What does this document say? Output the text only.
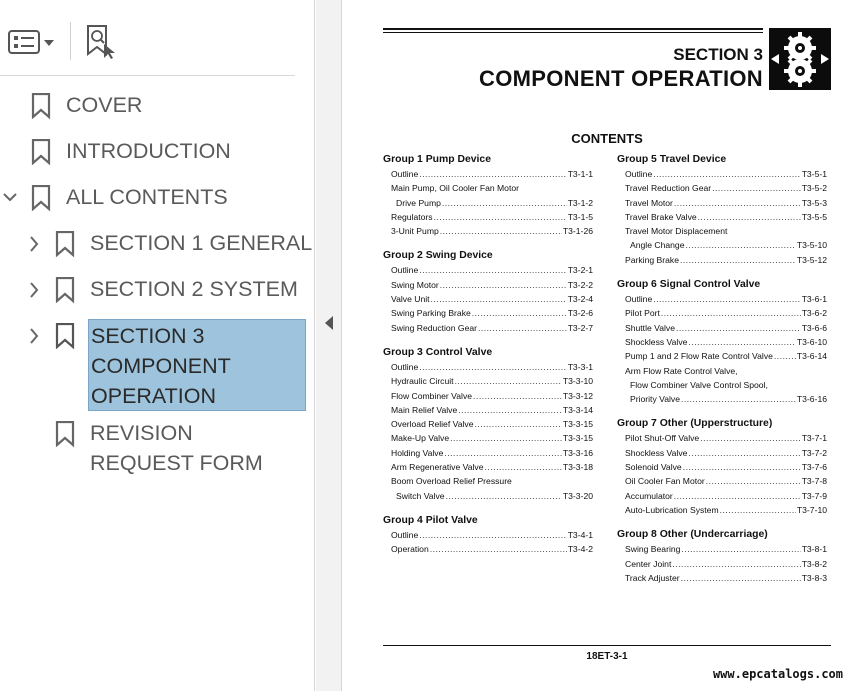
COVER
INTRODUCTION
ALL CONTENTS
SECTION 1 GENERAL
SECTION 2 SYSTEM
SECTION 3 COMPONENT OPERATION
REVISION REQUEST FORM
SECTION 3
COMPONENT OPERATION
CONTENTS
Group 1 Pump Device
Outline .....	T3-1-1
Main Pump, Oil Cooler Fan Motor
Drive Pump .....	T3-1-2
Regulators .....	T3-1-5
3-Unit Pump .....	T3-1-26
Group 2 Swing Device
Outline .....	T3-2-1
Swing Motor .....	T3-2-2
Valve Unit .....	T3-2-4
Swing Parking Brake .....	T3-2-6
Swing Reduction Gear .....	T3-2-7
Group 3 Control Valve
Outline .....	T3-3-1
Hydraulic Circuit .....	T3-3-10
Flow Combiner Valve .....	T3-3-12
Main Relief Valve .....	T3-3-14
Overload Relief Valve .....	T3-3-15
Make-Up Valve .....	T3-3-15
Holding Valve .....	T3-3-16
Arm Regenerative Valve .....	T3-3-18
Boom Overload Relief Pressure
Switch Valve .....	T3-3-20
Group 4 Pilot Valve
Outline .....	T3-4-1
Operation .....	T3-4-2
Group 5 Travel Device
Outline .....	T3-5-1
Travel Reduction Gear .....	T3-5-2
Travel Motor .....	T3-5-3
Travel Brake Valve .....	T3-5-5
Travel Motor Displacement
Angle Change .....	T3-5-10
Parking Brake .....	T3-5-12
Group 6 Signal Control Valve
Outline .....	T3-6-1
Pilot Port .....	T3-6-2
Shuttle Valve .....	T3-6-6
Shockless Valve .....	T3-6-10
Pump 1 and 2 Flow Rate Control Valve .....	T3-6-14
Arm Flow Rate Control Valve,
Flow Combiner Valve Control Spool,
Priority Valve .....	T3-6-16
Group 7 Other (Upperstructure)
Pilot Shut-Off Valve .....	T3-7-1
Shockless Valve .....	T3-7-2
Solenoid Valve .....	T3-7-6
Oil Cooler Fan Motor .....	T3-7-8
Accumulator .....	T3-7-9
Auto-Lubrication System .....	T3-7-10
Group 8 Other (Undercarriage)
Swing Bearing .....	T3-8-1
Center Joint .....	T3-8-2
Track Adjuster .....	T3-8-3
18ET-3-1
www.epcatalogs.com
